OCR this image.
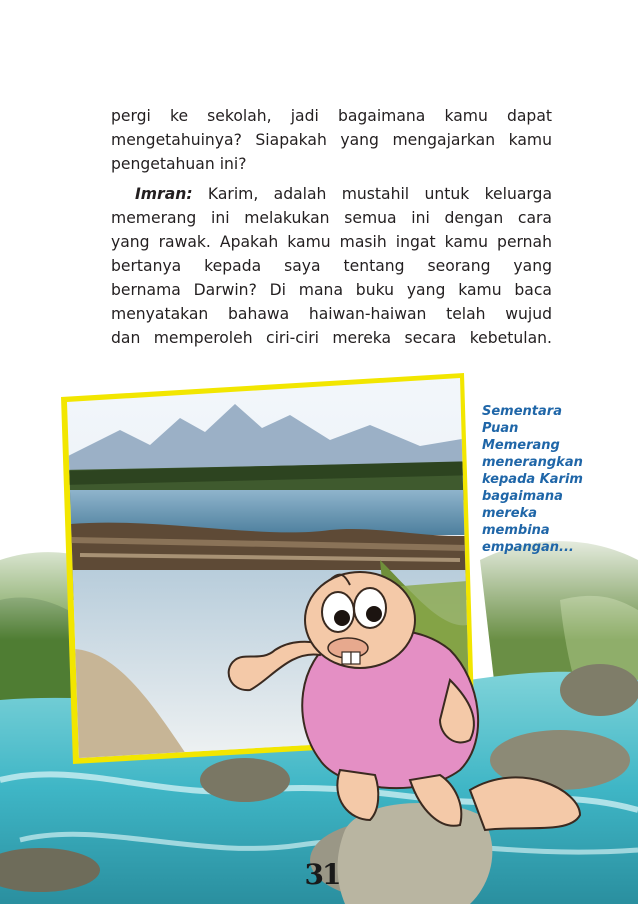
pergi ke sekolah, jadi bagaimana kamu dapat
mengetahuinya? Siapakah yang mengajarkan kamu
pengetahuan ini?

Imran: Karim, adalah mustahil untuk keluarga
memerang ini melakukan semua ini dengan cara
yang rawak. Apakah kamu masih ingat kamu pernah
bertanya kepada saya tentang seorang yang
bernama Darwin? Di mana buku yang kamu baca
menyatakan bahawa haiwan-haiwan telah wujud
dan memperoleh ciri-ciri mereka secara kebetulan.

Sementara
Puan
Memerang
menerangkan
kepada Karim
bagaimana
mereka
membina
empangan...
31
